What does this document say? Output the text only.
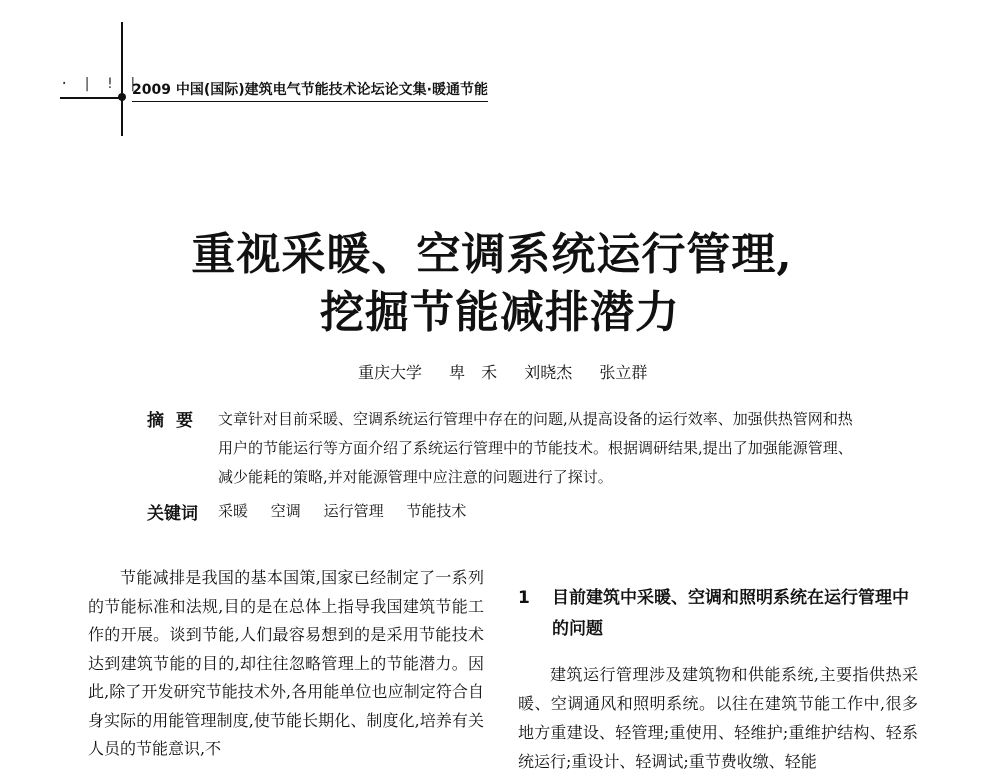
· | ! |
2009 中国(国际)建筑电气节能技术论坛论文集·暖通节能
重视采暖、空调系统运行管理,
挖掘节能减排潜力
重庆大学 卑　禾 刘晓杰 张立群
摘要 文章针对目前采暖、空调系统运行管理中存在的问题,从提高设备的运行效率、加强供热管网和热用户的节能运行等方面介绍了系统运行管理中的节能技术。根据调研结果,提出了加强能源管理、减少能耗的策略,并对能源管理中应注意的问题进行了探讨。
关键词 采暖 空调 运行管理 节能技术
节能减排是我国的基本国策,国家已经制定了一系列的节能标准和法规,目的是在总体上指导我国建筑节能工作的开展。谈到节能,人们最容易想到的是采用节能技术达到建筑节能的目的,却往往忽略管理上的节能潜力。因此,除了开发研究节能技术外,各用能单位也应制定符合自身实际的用能管理制度,使节能长期化、制度化,培养有关人员的节能意识,不
1 目前建筑中采暖、空调和照明系统在运行管理中的问题
建筑运行管理涉及建筑物和供能系统,主要指供热采暖、空调通风和照明系统。以往在建筑节能工作中,很多地方重建设、轻管理;重使用、轻维护;重维护结构、轻系统运行;重设计、轻调试;重节费收缴、轻能
